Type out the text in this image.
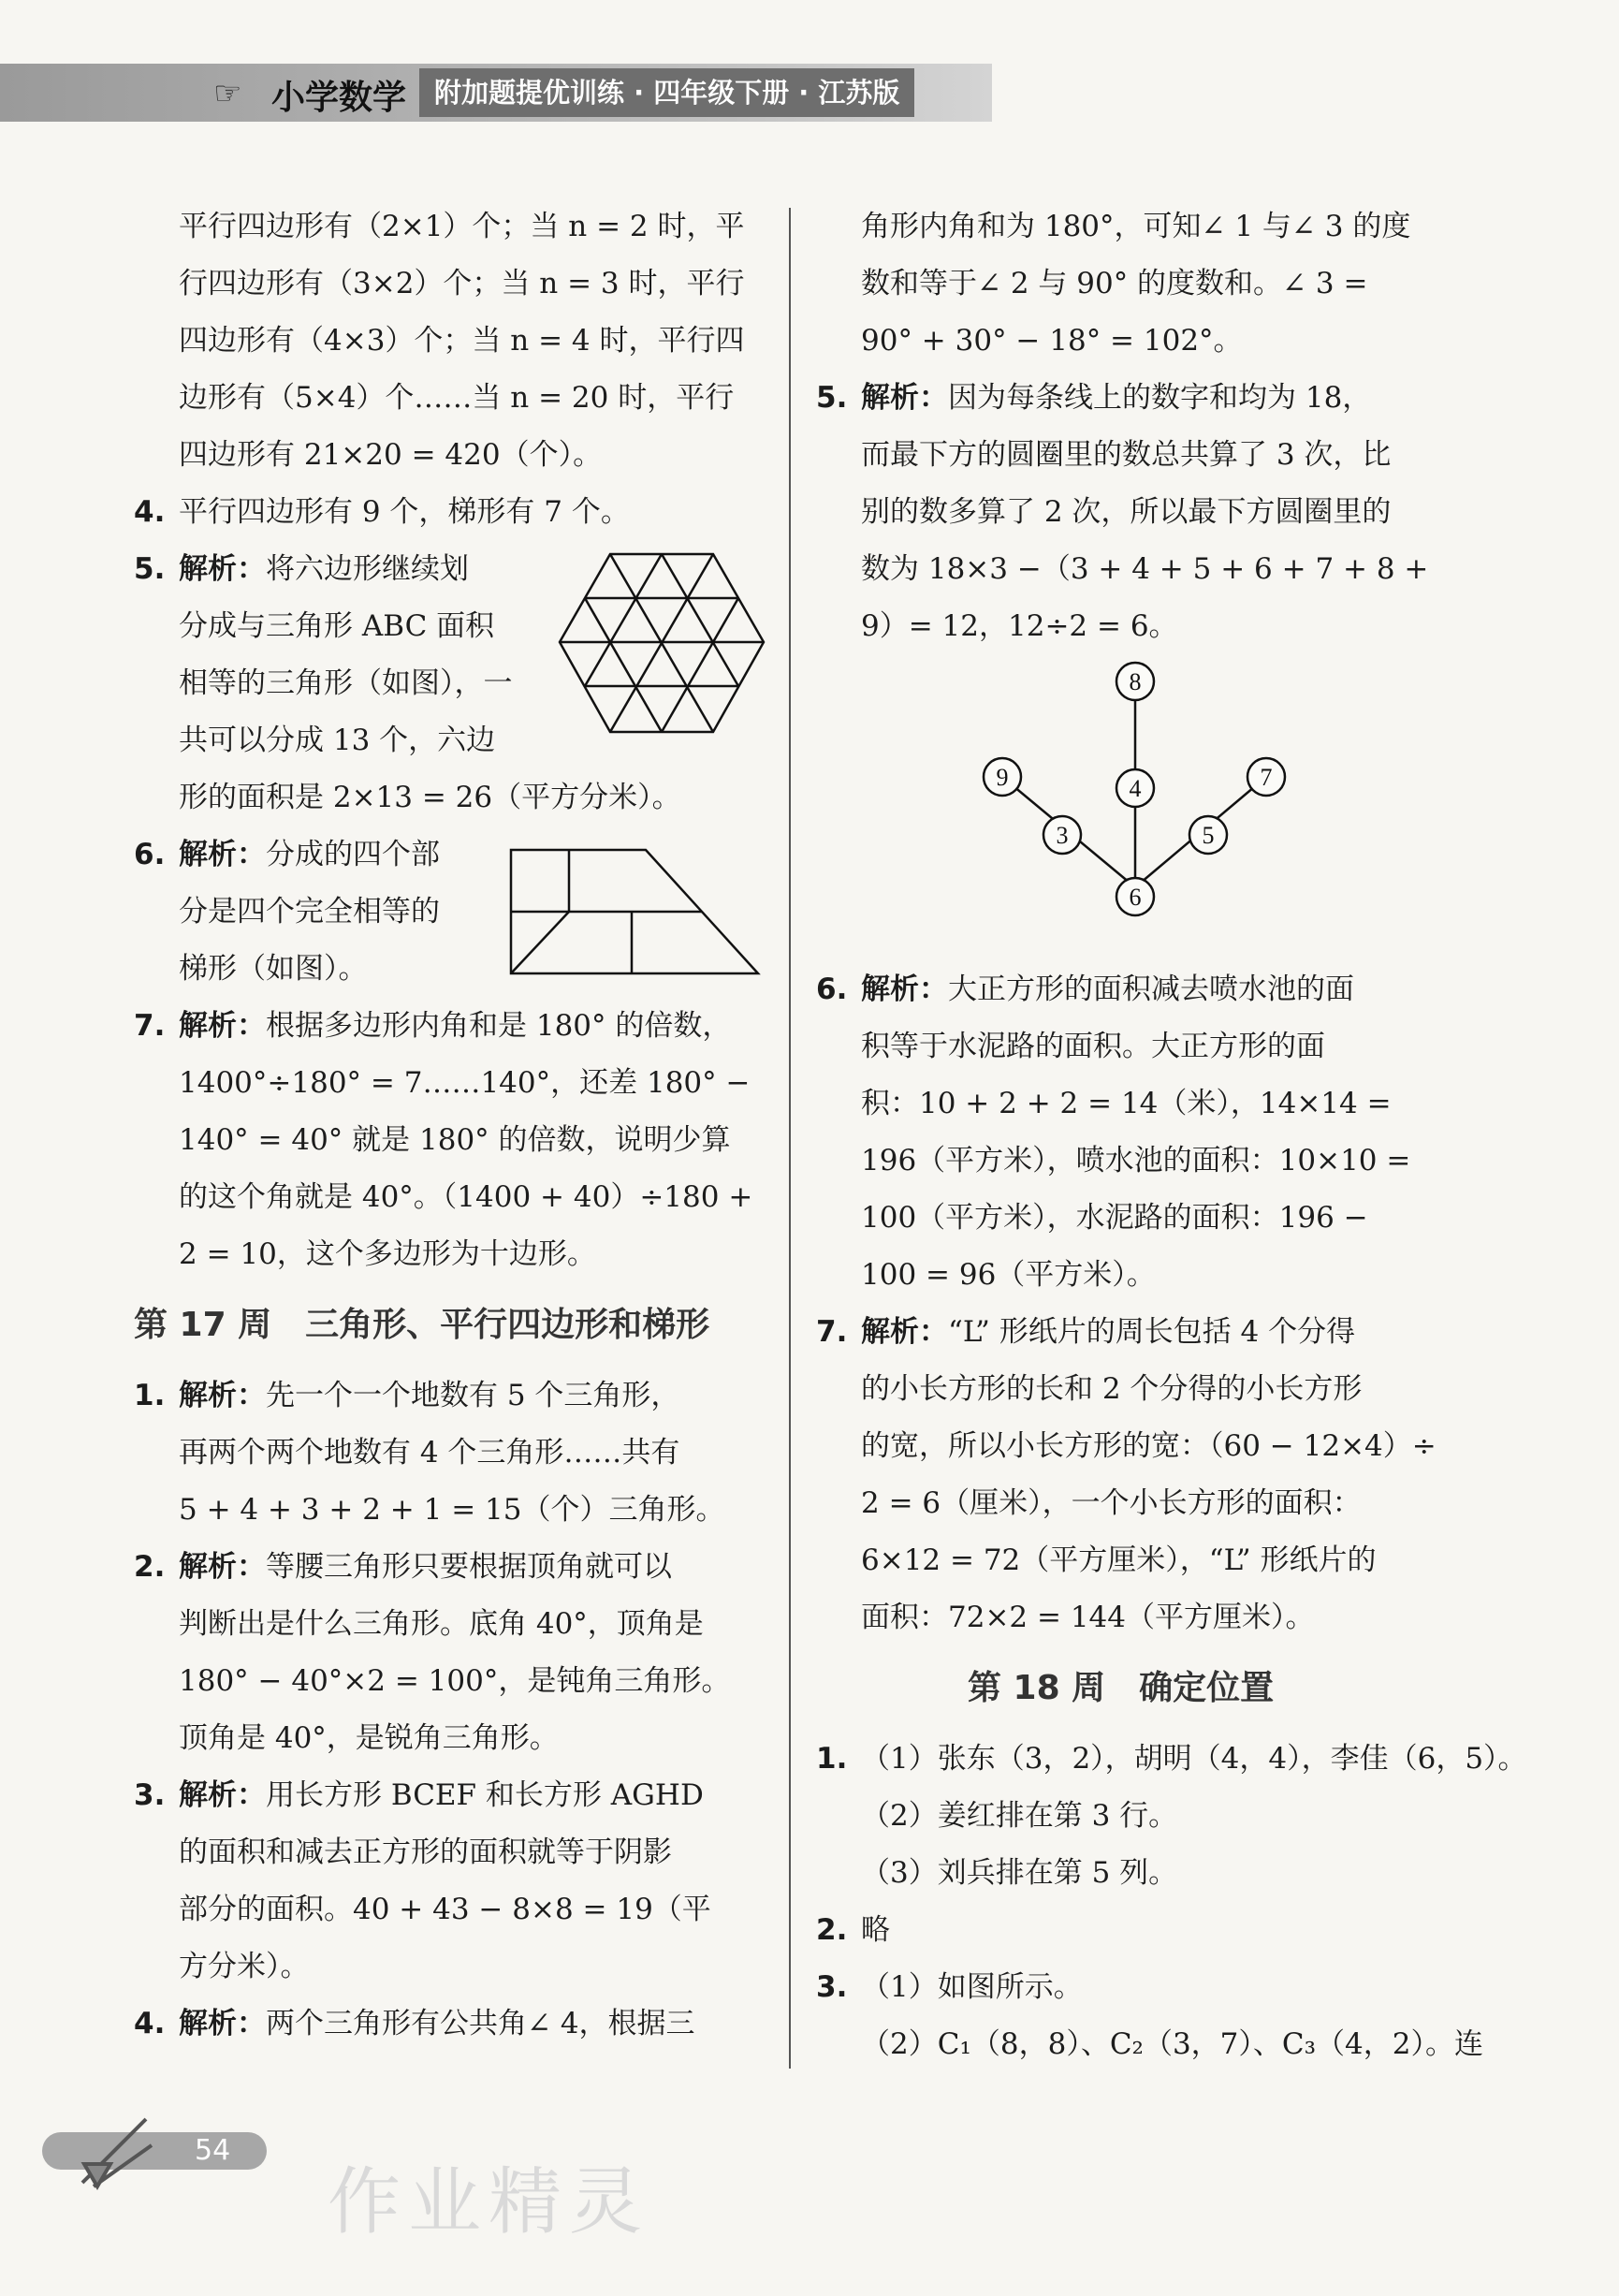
☞ 小学数学	附加题提优训练 · 四年级下册 · 江苏版
平行四边形有（2×1）个；当 n = 2 时，平
行四边形有（3×2）个；当 n = 3 时，平行
四边形有（4×3）个；当 n = 4 时，平行四
边形有（5×4）个……当 n = 20 时，平行
四边形有 21×20 = 420（个）。
4. 平行四边形有 9 个，梯形有 7 个。
5. 解析：将六边形继续划
分成与三角形 ABC 面积
相等的三角形（如图），一
共可以分成 13 个，六边
形的面积是 2×13 = 26（平方分米）。
6. 解析：分成的四个部
分是四个完全相等的
梯形（如图）。
7. 解析：根据多边形内角和是 180° 的倍数，
1400°÷180° = 7……140°，还差 180° −
140° = 40° 就是 180° 的倍数，说明少算
的这个角就是 40°。（1400 + 40）÷180 +
2 = 10，这个多边形为十边形。
第 17 周　三角形、平行四边形和梯形
1. 解析：先一个一个地数有 5 个三角形，
再两个两个地数有 4 个三角形……共有
5 + 4 + 3 + 2 + 1 = 15（个）三角形。
2. 解析：等腰三角形只要根据顶角就可以
判断出是什么三角形。底角 40°，顶角是
180° − 40°×2 = 100°，是钝角三角形。
顶角是 40°，是锐角三角形。
3. 解析：用长方形 BCEF 和长方形 AGHD
的面积和减去正方形的面积就等于阴影
部分的面积。40 + 43 − 8×8 = 19（平
方分米）。
4. 解析：两个三角形有公共角∠ 4，根据三
角形内角和为 180°，可知∠ 1 与∠ 3 的度
数和等于∠ 2 与 90° 的度数和。∠ 3 =
90° + 30° − 18° = 102°。
5. 解析：因为每条线上的数字和均为 18，
而最下方的圆圈里的数总共算了 3 次，比
别的数多算了 2 次，所以最下方圆圈里的
数为 18×3 −（3 + 4 + 5 + 6 + 7 + 8 +
9）= 12，12÷2 = 6。
6. 解析：大正方形的面积减去喷水池的面
积等于水泥路的面积。大正方形的面
积：10 + 2 + 2 = 14（米），14×14 =
196（平方米），喷水池的面积：10×10 =
100（平方米），水泥路的面积：196 −
100 = 96（平方米）。
7. 解析：“L” 形纸片的周长包括 4 个分得
的小长方形的长和 2 个分得的小长方形
的宽，所以小长方形的宽：（60 − 12×4）÷
2 = 6（厘米），一个小长方形的面积：
6×12 = 72（平方厘米），“L” 形纸片的
面积：72×2 = 144（平方厘米）。
第 18 周　确定位置
1. （1）张东（3，2），胡明（4，4），李佳（6，5）。
（2）姜红排在第 3 行。
（3）刘兵排在第 5 列。
2. 略
3. （1）如图所示。
（2）C₁（8，8）、C₂（3，7）、C₃（4，2）。连
8
9	4	7
3	5
6
54
作业精灵
